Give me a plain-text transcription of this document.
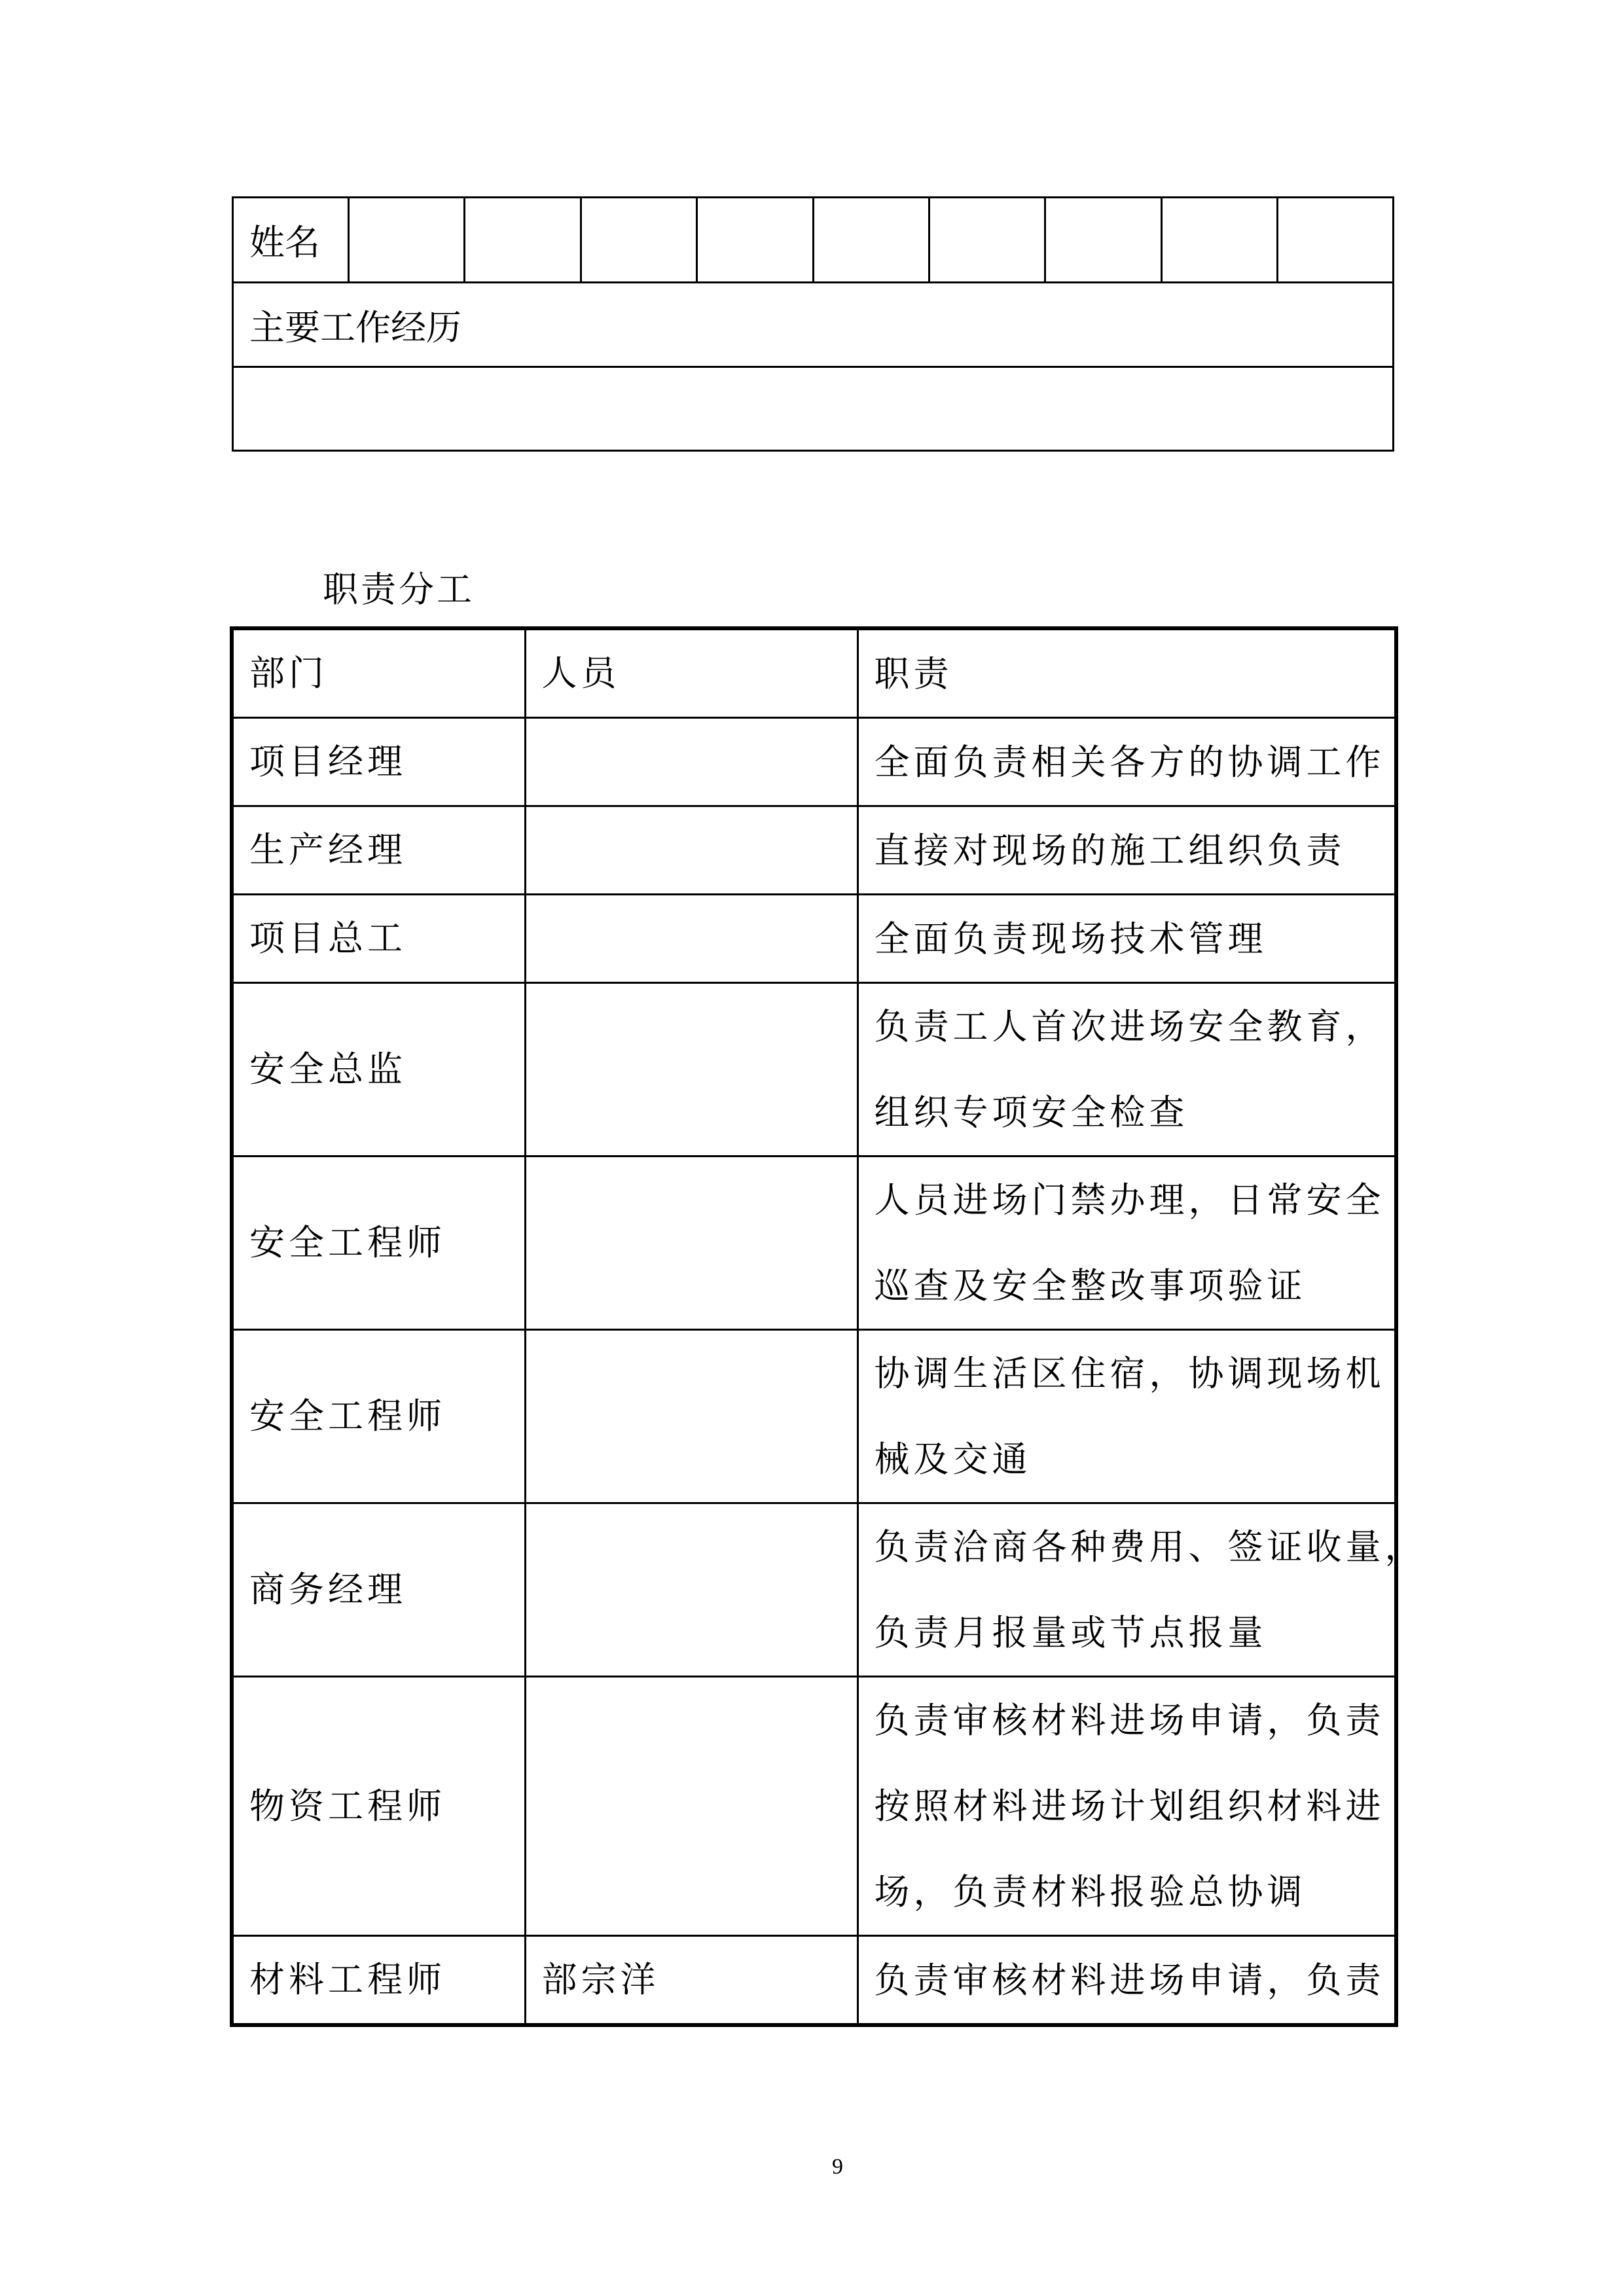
姓名									
主要工作经历

职责分工
部门	人员	职责
项目经理		全面负责相关各方的协调工作

生产经理		直接对现场的施工组织负责

项目总工		全面负责现场技术管理

安全总监		负责工人首次进场安全教育，
组织专项安全检查

安全工程师		人员进场门禁办理，日常安全
巡查及安全整改事项验证

安全工程师		协调生活区住宿，协调现场机
械及交通

商务经理		负责洽商各种费用、签证收量，
负责月报量或节点报量

物资工程师		负责审核材料进场申请，负责
按照材料进场计划组织材料进
场，负责材料报验总协调

材料工程师	部宗洋	负责审核材料进场申请，负责
9
